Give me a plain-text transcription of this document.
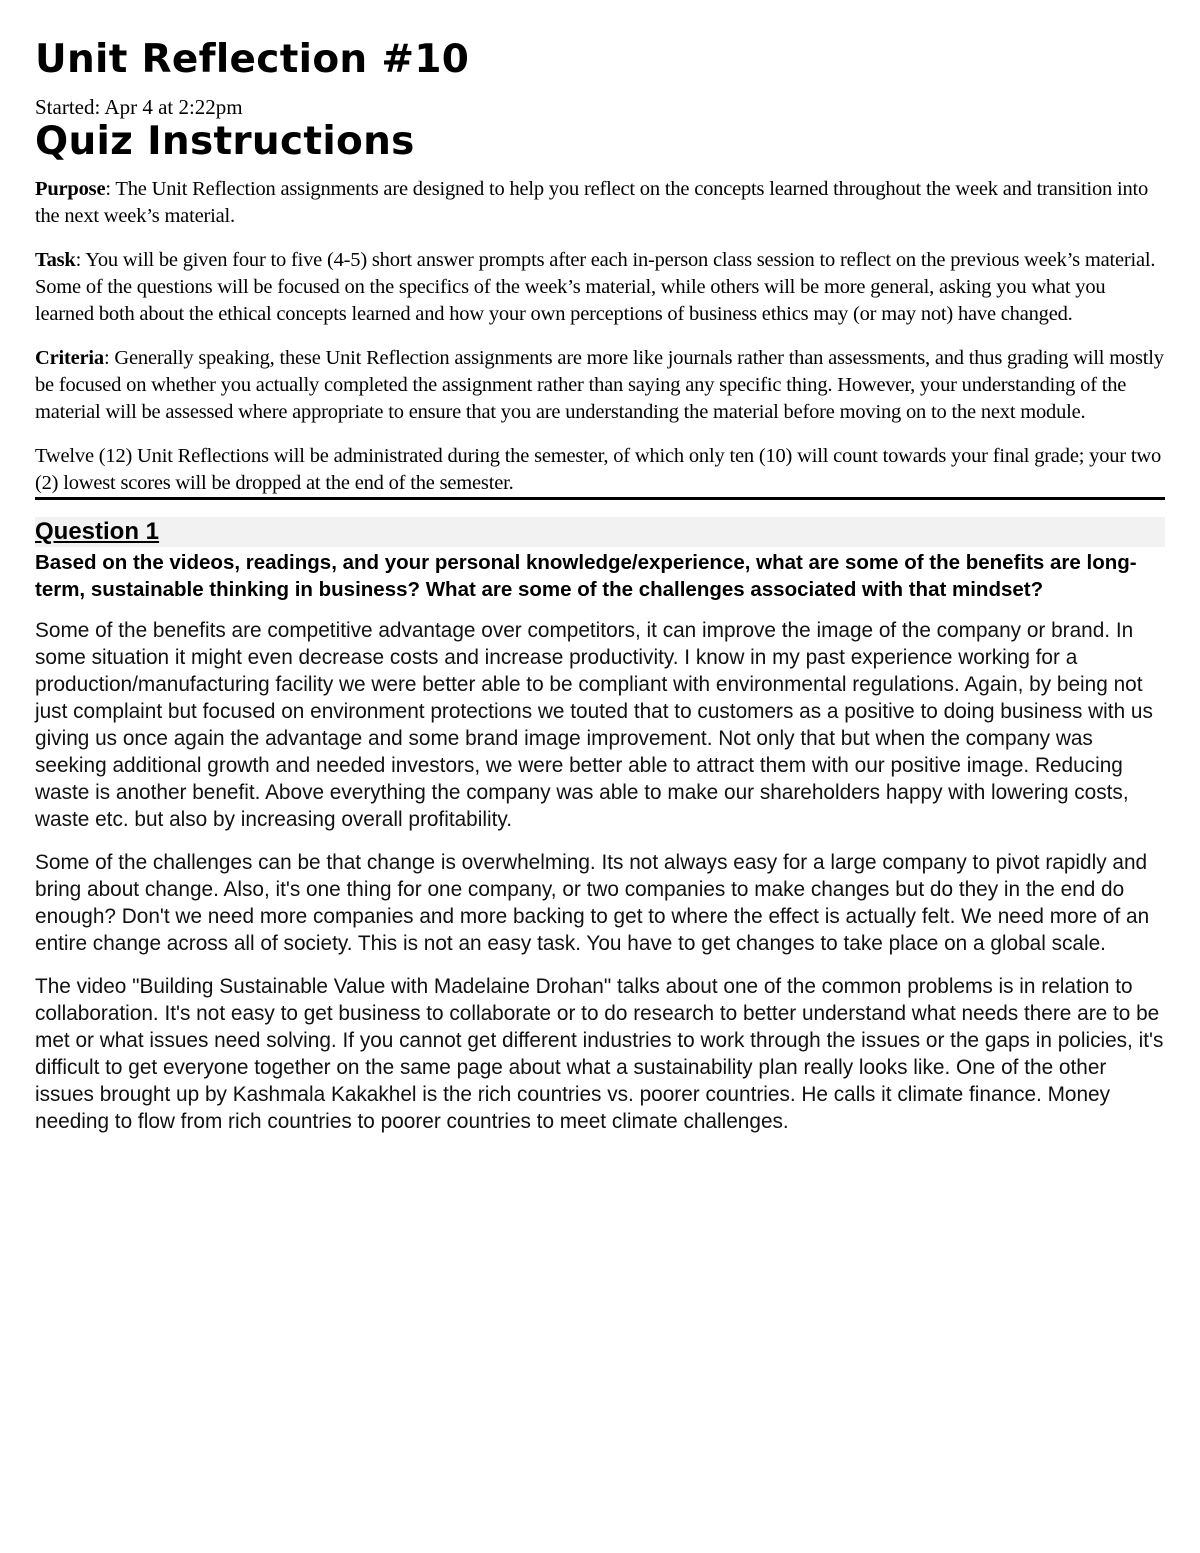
Unit Reflection #10
Started: Apr 4 at 2:22pm
Quiz Instructions

Purpose: The Unit Reflection assignments are designed to help you reflect on the concepts learned throughout the week and transition into the next week’s material.

Task: You will be given four to five (4-5) short answer prompts after each in-person class session to reflect on the previous week’s material. Some of the questions will be focused on the specifics of the week’s material, while others will be more general, asking you what you learned both about the ethical concepts learned and how your own perceptions of business ethics may (or may not) have changed.

Criteria: Generally speaking, these Unit Reflection assignments are more like journals rather than assessments, and thus grading will mostly be focused on whether you actually completed the assignment rather than saying any specific thing. However, your understanding of the material will be assessed where appropriate to ensure that you are understanding the material before moving on to the next module.

Twelve (12) Unit Reflections will be administrated during the semester, of which only ten (10) will count towards your final grade; your two (2) lowest scores will be dropped at the end of the semester.

Question 1
Based on the videos, readings, and your personal knowledge/experience, what are some of the benefits are long-term, sustainable thinking in business? What are some of the challenges associated with that mindset?

Some of the benefits are competitive advantage over competitors, it can improve the image of the company or brand. In some situation it might even decrease costs and increase productivity. I know in my past experience working for a production/manufacturing facility we were better able to be compliant with environmental regulations. Again, by being not just complaint but focused on environment protections we touted that to customers as a positive to doing business with us giving us once again the advantage and some brand image improvement. Not only that but when the company was seeking additional growth and needed investors, we were better able to attract them with our positive image. Reducing waste is another benefit. Above everything the company was able to make our shareholders happy with lowering costs, waste etc. but also by increasing overall profitability.

Some of the challenges can be that change is overwhelming. Its not always easy for a large company to pivot rapidly and bring about change. Also, it's one thing for one company, or two companies to make changes but do they in the end do enough? Don't we need more companies and more backing to get to where the effect is actually felt. We need more of an entire change across all of society. This is not an easy task. You have to get changes to take place on a global scale.

The video "Building Sustainable Value with Madelaine Drohan" talks about one of the common problems is in relation to collaboration. It's not easy to get business to collaborate or to do research to better understand what needs there are to be met or what issues need solving. If you cannot get different industries to work through the issues or the gaps in policies, it's difficult to get everyone together on the same page about what a sustainability plan really looks like. One of the other issues brought up by Kashmala Kakakhel is the rich countries vs. poorer countries. He calls it climate finance. Money needing to flow from rich countries to poorer countries to meet climate challenges.
